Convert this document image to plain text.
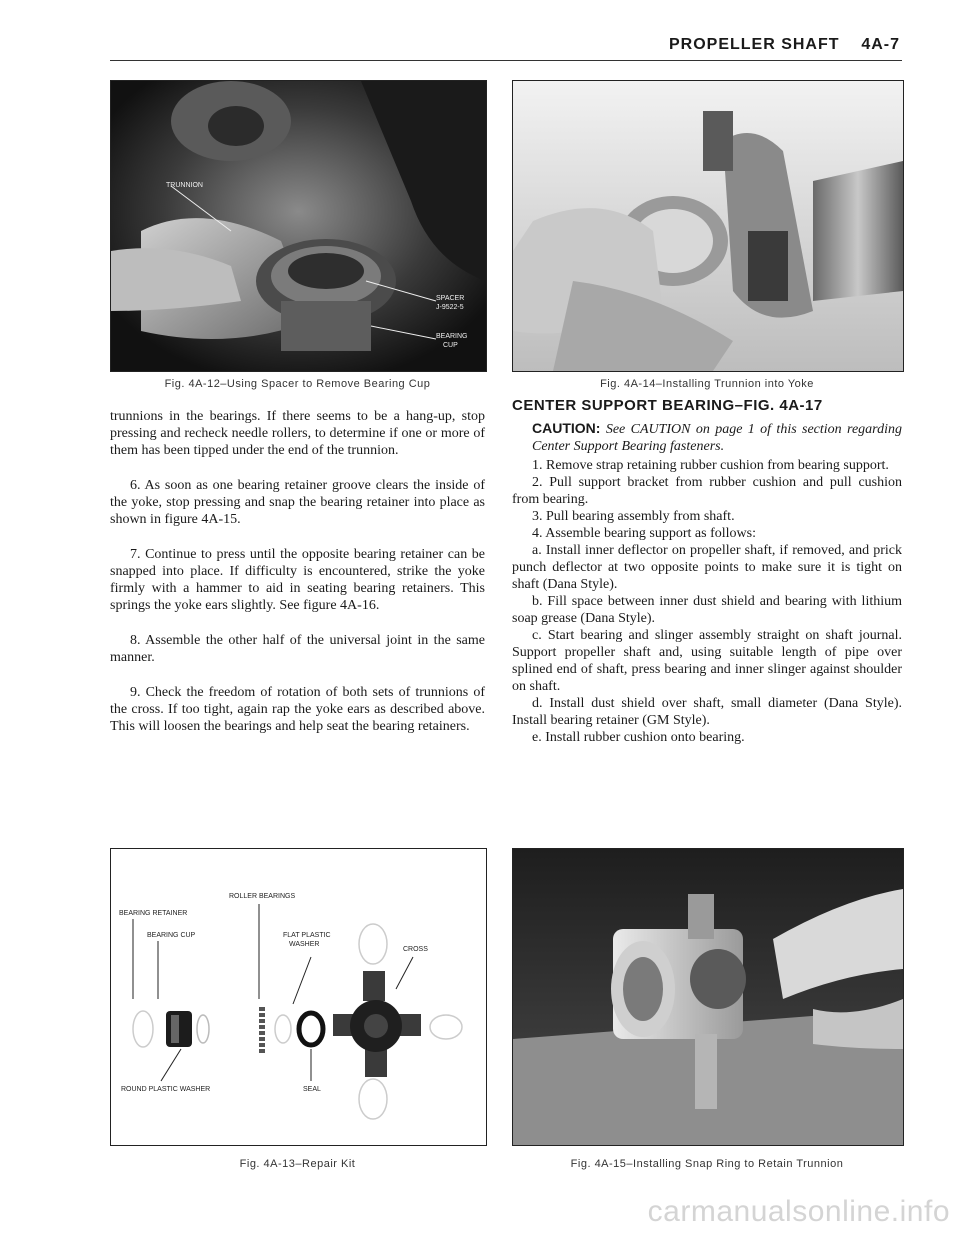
PROPELLER SHAFT 4A-7
TRUNNION
SPACER
J-9522-5
BEARING
CUP
Fig. 4A-12–Using Spacer to Remove Bearing Cup	Fig. 4A-14–Installing Trunnion into Yoke

trunnions in the bearings. If there seems to be a hang-up, stop pressing and recheck needle rollers, to determine if one or more of them has been tipped under the end of the trunnion.

6. As soon as one bearing retainer groove clears the inside of the yoke, stop pressing and snap the bearing retainer into place as shown in figure 4A-15.

7. Continue to press until the opposite bearing retainer can be snapped into place. If difficulty is encountered, strike the yoke firmly with a hammer to aid in seating bearing retainers. This springs the yoke ears slightly. See figure 4A-16.

8. Assemble the other half of the universal joint in the same manner.

9. Check the freedom of rotation of both sets of trunnions of the cross. If too tight, again rap the yoke ears as described above. This will loosen the bearings and help seat the bearing retainers.

CENTER SUPPORT BEARING–FIG. 4A-17

CAUTION: See CAUTION on page 1 of this section regarding Center Support Bearing fasteners.

1. Remove strap retaining rubber cushion from bearing support.

2. Pull support bracket from rubber cushion and pull cushion from bearing.

3. Pull bearing assembly from shaft.

4. Assemble bearing support as follows:

a. Install inner deflector on propeller shaft, if removed, and prick punch deflector at two opposite points to make sure it is tight on shaft (Dana Style).

b. Fill space between inner dust shield and bearing with lithium soap grease (Dana Style).

c. Start bearing and slinger assembly straight on shaft journal. Support propeller shaft and, using suitable length of pipe over splined end of shaft, press bearing and inner slinger against shoulder on shaft.

d. Install dust shield over shaft, small diameter (Dana Style). Install bearing retainer (GM Style).

e. Install rubber cushion onto bearing.

ROLLER BEARINGS
BEARING RETAINER
BEARING CUP	FLAT PLASTIC
WASHER
CROSS
ROUND PLASTIC WASHER	SEAL
Fig. 4A-13–Repair Kit	Fig. 4A-15–Installing Snap Ring to Retain Trunnion
carmanualsonline.info
